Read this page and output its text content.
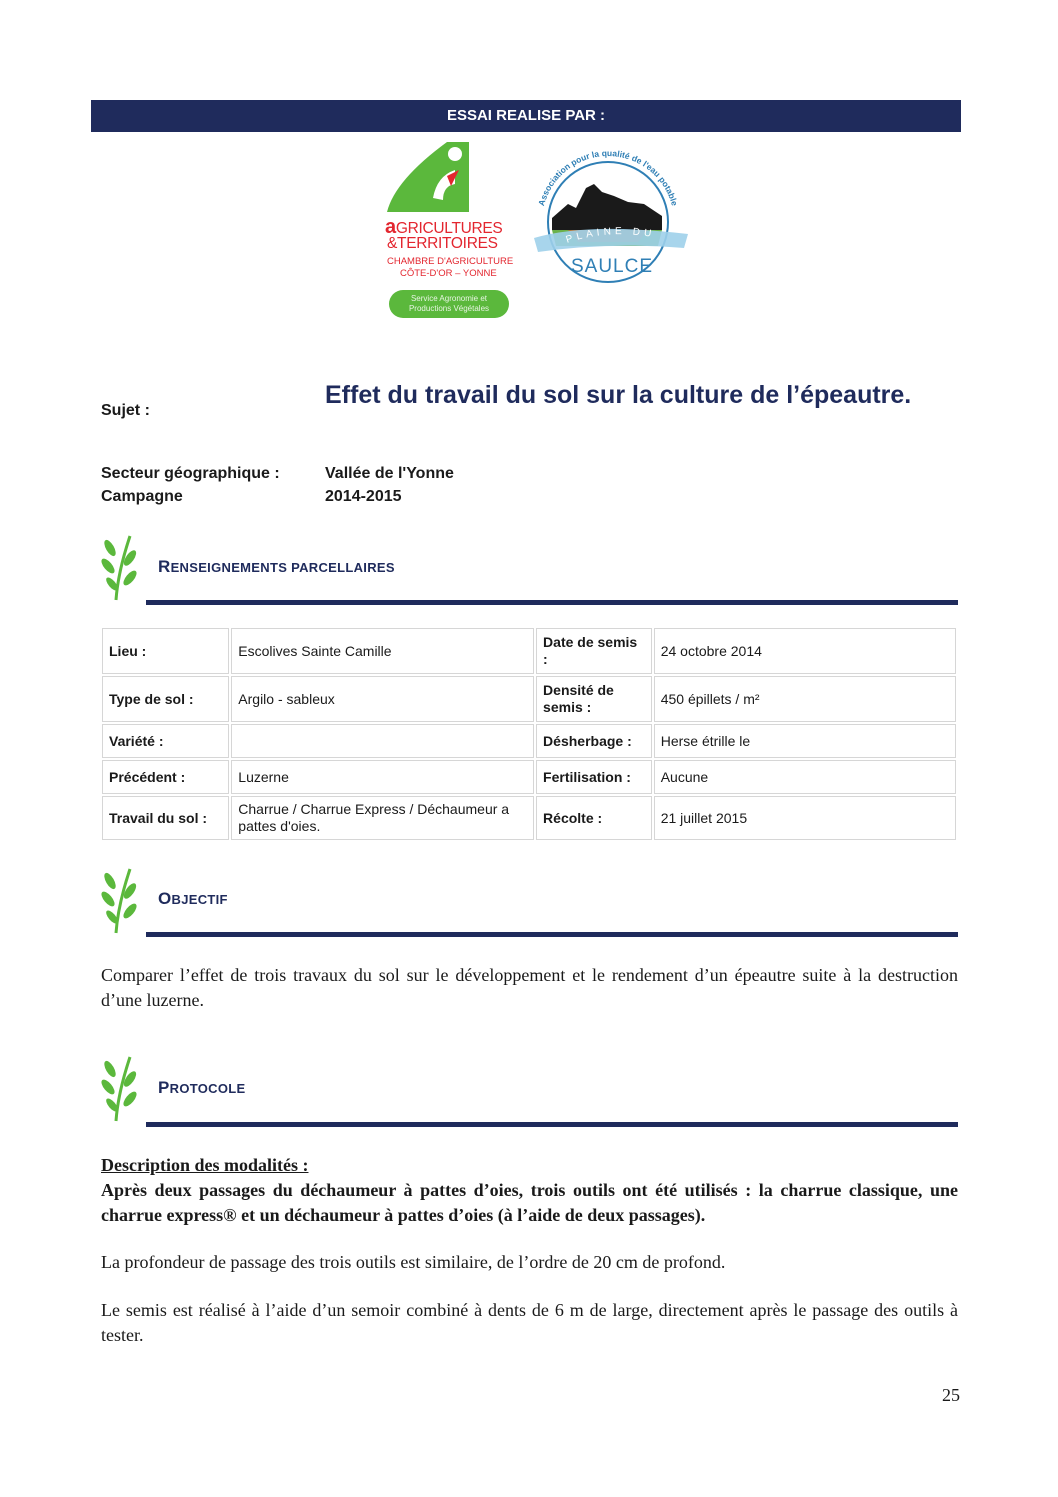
ESSAI REALISE PAR :
aGRICULTURES
&TERRITOIRES
CHAMBRE D'AGRICULTURE
CÔTE-D'OR – YONNE
Service Agronomie et
Productions Végétales
Association pour la qualité de l'eau potable
PLAINE DU
SAULCE
Sujet :
Effet du travail du sol sur la culture de l’épeautre.
Secteur géographique :	Vallée de l'Yonne
Campagne	2014-2015
RENSEIGNEMENTS PARCELLAIRES
Lieu :	Escolives Sainte Camille	Date de semis :	24 octobre 2014
Type de sol :	Argilo - sableux	Densité de semis :	450 épillets / m²
Variété :		Désherbage :	Herse étrille le
Précédent :	Luzerne	Fertilisation :	Aucune
Travail du sol :	Charrue / Charrue Express / Déchaumeur a pattes d'oies.	Récolte :	21 juillet 2015
OBJECTIF
Comparer l’effet de trois travaux du sol sur le développement et le rendement d’un épeautre suite à la destruction d’une luzerne.
PROTOCOLE
Description des modalités :
Après deux passages du déchaumeur à pattes d’oies, trois outils ont été utilisés : la charrue classique, une charrue express® et un déchaumeur à pattes d’oies (à l’aide de deux passages).
La profondeur de passage des trois outils est similaire, de l’ordre de 20 cm de profond.
Le semis est réalisé à l’aide d’un semoir combiné à dents de 6 m de large, directement après le passage des outils à tester.
25
